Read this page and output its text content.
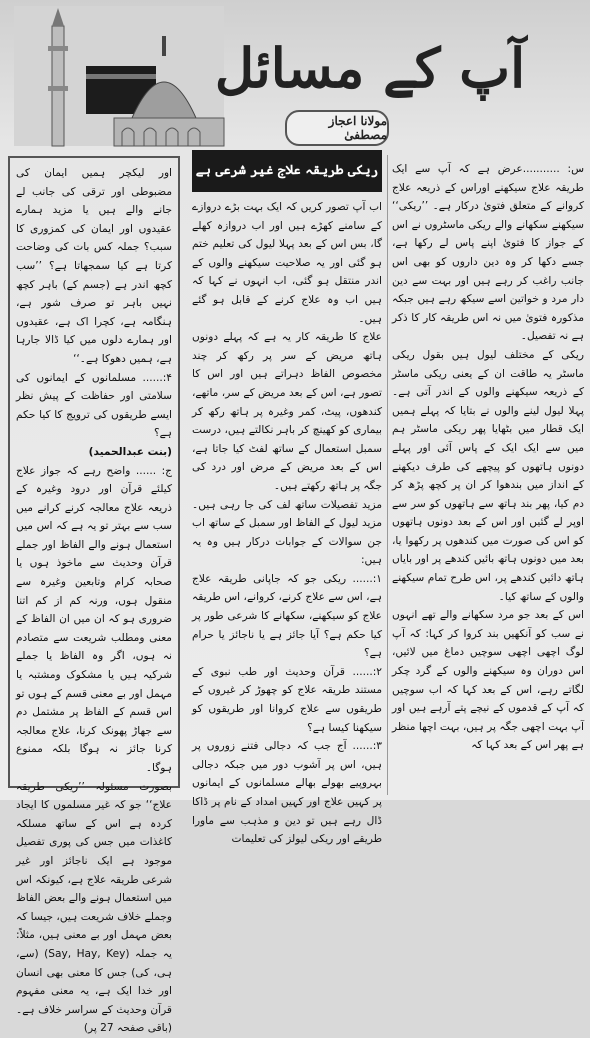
آپ کے مسائل
مولانا اعجاز مصطفیٰ
ریکی طریقہ علاج غیر شرعی ہے	س: ...........عرض ہے کہ آپ سے ایک طریقہ علاج سیکھنے اوراس کے ذریعہ علاج کروانے کے متعلق فتویٰ درکار ہے۔ ’’ریکی‘‘ سیکھنے سکھانے والے ریکی ماسٹروں نے اس کے جواز کا فتویٰ اپنے پاس لے رکھا ہے، جسے دکھا کر وہ دین داروں کو بھی اس جانب راغب کر رہے ہیں اور بہت سے دین دار مرد و خواتین اسے سیکھ رہے ہیں جبکہ مذکورہ فتویٰ میں نہ اس طریقہ کار کا ذکر ہے نہ تفصیل۔

ریکی کے مختلف لیول ہیں بقول ریکی ماسٹر یہ طاقت ان کے یعنی ریکی ماسٹر کے ذریعہ سیکھنے والوں کے اندر آتی ہے۔ پہلا لیول لینے والوں نے بتایا کہ پہلے ہمیں ایک قطار میں بٹھایا پھر ریکی ماسٹر ہم میں سے ایک ایک کے پاس آئی اور پہلے دونوں ہاتھوں کو پیچھے کی طرف دیکھنے کے انداز میں بندھوا کر ان پر کچھ پڑھ کر دم کیا، پھر بند ہاتھ سے ہاتھوں کو سر سے اوپر لے گئیں اور اس کے بعد دونوں ہاتھوں کو اس کی صورت میں کندھوں پر رکھوا یا، بعد میں دونوں ہاتھ بائیں کندھے پر اور بایاں ہاتھ دائیں کندھے پر، اس طرح تمام سیکھنے والوں کے ساتھ کیا۔

اس کے بعد جو مرد سکھانے والے تھے انہوں نے سب کو آنکھیں بند کروا کر کہا: کہ آپ لوگ اچھی اچھی سوچیں دماغ میں لائیں، اس دوران وہ سیکھنے والوں کے گرد چکر لگاتے رہے، اس کے بعد کہا کہ اب سوچیں کہ آپ کے قدموں کے نیچے پتے آرہے ہیں اور آپ بہت اچھی جگہ پر ہیں، بہت اچھا منظر ہے پھر اس کے بعد کہا کہ

اب آپ تصور کریں کہ ایک بہت بڑے دروازے کے سامنے کھڑے ہیں اور اب دروازہ کھلے گا، بس اس کے بعد پہلا لیول کی تعلیم ختم ہو گئی اور یہ صلاحیت سیکھنے والوں کے اندر منتقل ہو گئی، اب انہوں نے کہا کہ ہیں اب وہ علاج کرنے کے قابل ہو گئے ہیں۔

علاج کا طریقہ کار یہ ہے کہ پہلے دونوں ہاتھ مریض کے سر پر رکھ کر چند مخصوص الفاظ دہراتے ہیں اور اس کا تصور ہے، اس کے بعد مریض کے سر، ماتھے، کندھوں، پیٹ، کمر وغیرہ پر ہاتھ رکھ کر بیماری کو کھینچ کر باہر نکالتے ہیں، درست سمبل استعمال کے ساتھ لفٹ کیا جاتا ہے، اس کے بعد مریض کے مرض اور درد کی جگہ پر ہاتھ رکھتے ہیں۔

مزید تفصیلات ساتھ لف کی جا رہی ہیں۔ مزید لیول کے الفاظ اور سمبل کے ساتھ اب جن سوالات کے جوابات درکار ہیں وہ یہ ہیں:

۱:...... ریکی جو کہ جاپانی طریقہ علاج ہے، اس سے علاج کرنے، کروانے، اس طریقہ علاج کو سیکھنے، سکھانے کا شرعی طور پر کیا حکم ہے؟ آیا جائز ہے یا ناجائز یا حرام ہے؟

۲:...... قرآن وحدیث اور طب نبوی کے مستند طریقہ علاج کو چھوڑ کر غیروں کے طریقوں سے علاج کروانا اور طریقوں کو سیکھنا کیسا ہے؟

۳:...... آج جب کہ دجالی فتنے زوروں پر ہیں، اس پر آشوب دور میں جبکہ دجالی بہروپیے بھولے بھالے مسلمانوں کے ایمانوں پر کہیں علاج اور کہیں امداد کے نام پر ڈاکا ڈال رہے ہیں تو دین و مذہب سے ماورا طریقے اور ریکی لیولز کی تعلیمات

اور لیکچر ہمیں ایمان کی مضبوطی اور ترقی کی جانب لے جانے والے ہیں یا مزید ہمارے عقیدوں اور ایمان کی کمزوری کا سبب؟ جملہ کس بات کی وضاحت کرتا ہے کیا سمجھاتا ہے؟ ’’سب کچھ اندر ہے (جسم کے) باہر کچھ نہیں باہر تو صرف شور ہے، ہنگامہ ہے، کچرا اک ہے، عقیدوں اور ہمارے دلوں میں کیا ڈالا جارہا ہے، ہمیں دھوکا ہے۔‘‘

۴:...... مسلمانوں کے ایمانوں کی سلامتی اور حفاظت کے پیش نظر ایسے طریقوں کی ترویج کا کیا حکم ہے؟

(بنت عبدالحمید)

ج: ...... واضح رہے کہ جواز علاج کیلئے قرآن اور درود وغیرہ کے ذریعہ علاج معالجہ کرنے کرانے میں سب سے بہتر تو یہ ہے کہ اس میں استعمال ہونے والے الفاظ اور جملے قرآن وحدیث سے ماخوذ ہوں یا صحابہ کرام وتابعین وغیرہ سے منقول ہوں، ورنہ کم از کم اتنا ضروری ہو کہ ان میں ان الفاظ کے معنی ومطلب شریعت سے متصادم نہ ہوں، اگر وہ الفاظ یا جملے شرکیہ ہیں یا مشکوک ومشتبہ یا مہمل اور بے معنی قسم کے ہوں تو اس قسم کے الفاظ پر مشتمل دم سے جھاڑ پھونک کرنا، علاج معالجہ کرنا جائز نہ ہوگا بلکہ ممنوع ہوگا۔

بصورت مسئولہ ’’ریکی طریقہ علاج‘‘ جو کہ غیر مسلموں کا ایجاد کردہ ہے اس کے ساتھ مسلکہ کاغذات میں جس کی پوری تفصیل موجود ہے ایک ناجائز اور غیر شرعی طریقہ علاج ہے، کیونکہ اس میں استعمال ہونے والے بعض الفاظ وجملے خلاف شریعت ہیں، جیسا کہ بعض مہمل اور بے معنی ہیں، مثلاً: یہ جملہ (Say, Hay, Key) (سے، ہی، کی) جس کا معنی بھی انسان اور خدا ایک ہے، یہ معنی مفہوم قرآن وحدیث کے سراسر خلاف ہے۔ (باقی صفحہ 27 پر)
